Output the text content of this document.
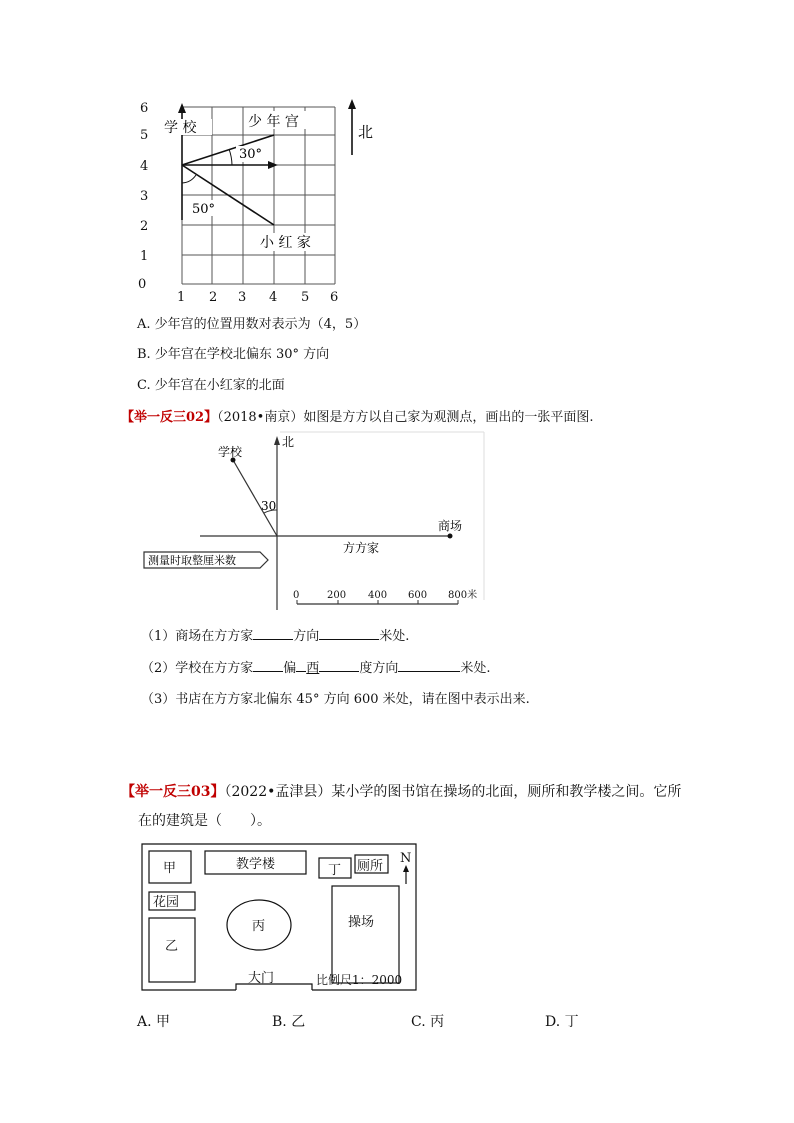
1 2 3 4 5 6
0
1
2
3
4
5
6
学 校	少 年 宫
小 红 家
30°
50°
北
A. 少年宫的位置用数对表示为（4，5）
B. 少年宫在学校北偏东 30° 方向
C. 少年宫在小红家的北面
【举一反三02】（2018•南京）如图是方方以自己家为观测点，画出的一张平面图.
北
商场
方方家
学校
30
测量时取整厘米数
0	200 400 600 800米
（1）商场在方方家	方向	米处.
（2）学校在方方家 偏 西	度方向	米处.
（3）书店在方方家北偏东 45° 方向 600 米处，请在图中表示出来.
【举一反三03】（2022•孟津县）某小学的图书馆在操场的北面，厕所和教学楼之间。它所
在的建筑是（　　）。
甲	教学楼	丁 厕所
N
花园
丙	操场
乙
大门	比例尺1：2000
A. 甲	B. 乙	C. 丙	D. 丁
